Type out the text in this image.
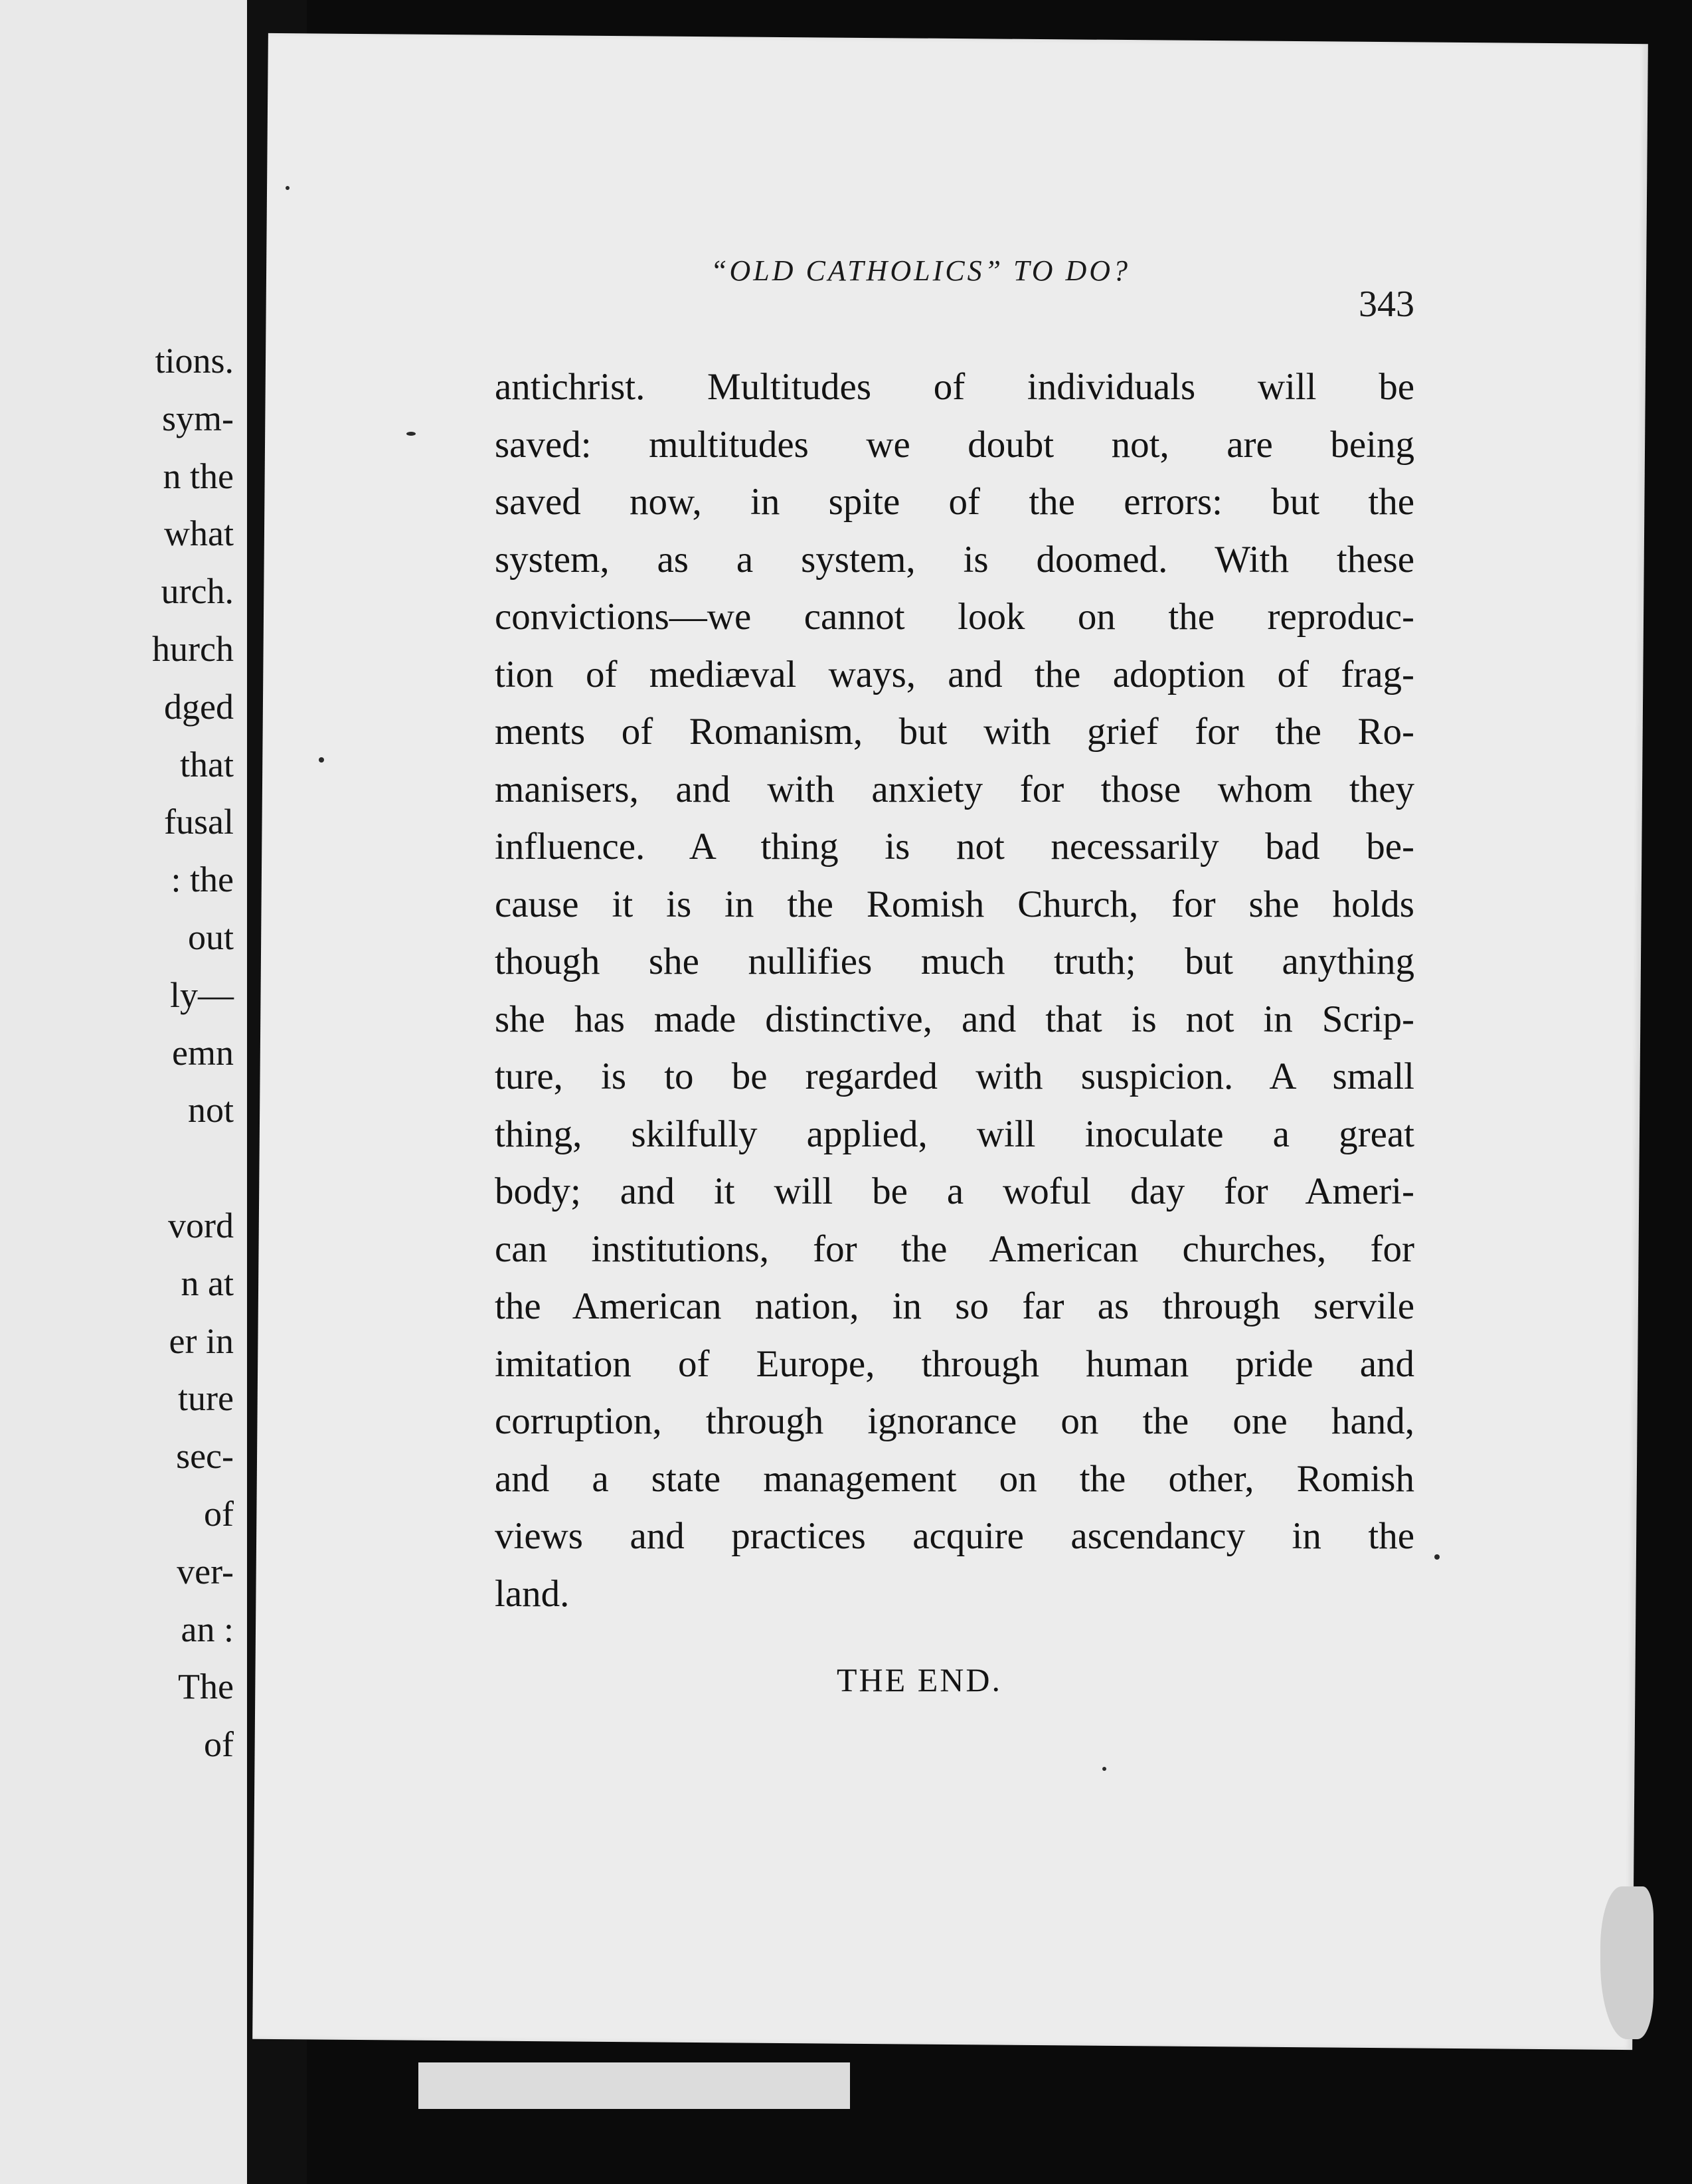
tions.
sym-
n the
what
urch.
hurch
dged
that
fusal
: the
out
ly—
emn
not
vord
n at
er in
ture
sec-
of
ver-
an :
The
of
“OLD CATHOLICS” TO DO?
343
antichrist. Multitudes of individuals will be
saved: multitudes we doubt not, are being
saved now, in spite of the errors: but the
system, as a system, is doomed. With these
convictions—we cannot look on the reproduc-
tion of mediæval ways, and the adoption of frag-
ments of Romanism, but with grief for the Ro-
manisers, and with anxiety for those whom they
influence. A thing is not necessarily bad be-
cause it is in the Romish Church, for she holds
though she nullifies much truth; but anything
she has made distinctive, and that is not in Scrip-
ture, is to be regarded with suspicion. A small
thing, skilfully applied, will inoculate a great
body; and it will be a woful day for Ameri-
can institutions, for the American churches, for
the American nation, in so far as through servile
imitation of Europe, through human pride and
corruption, through ignorance on the one hand,
and a state management on the other, Romish
views and practices acquire ascendancy in the
land.
THE END.
